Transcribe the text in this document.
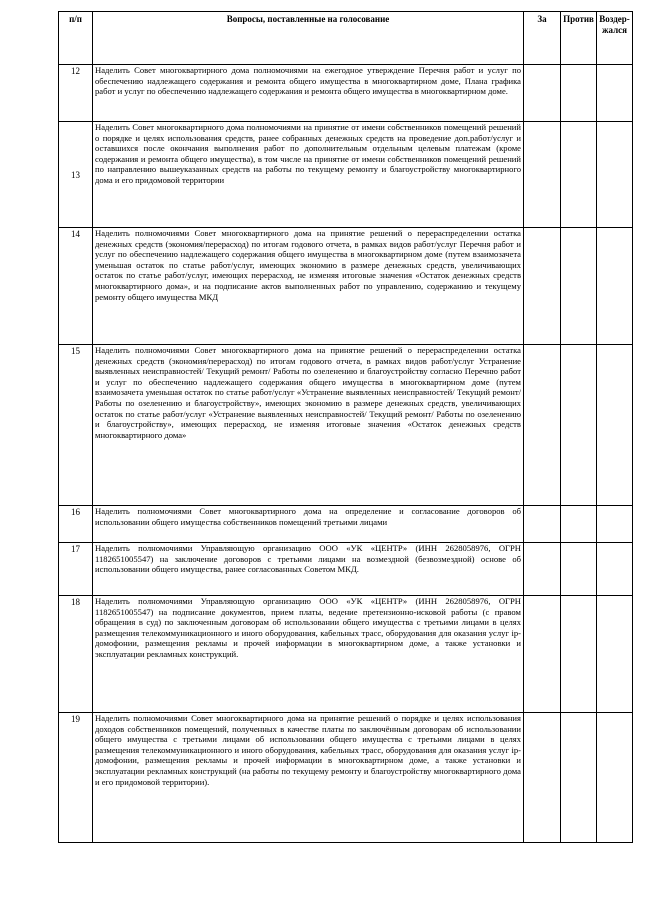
п/п	Вопросы, поставленные на голосование	За	Против	Воздер-жался

12	Наделить Совет многоквартирного дома полномочиями на ежегодное утверждение Перечня работ и услуг по обеспечению надлежащего содержания и ремонта общего имущества в многоквартирном доме, Плана графика работ и услуг по обеспечению надлежащего содержания и ремонта общего имущества в многоквартирном доме.			
13	Наделить Совет многоквартирного дома полномочиями на принятие от имени собственников помещений решений о порядке и целях использования средств, ранее собранных денежных средств на проведение доп.работ/услуг и оставшихся после окончания выполнения работ по дополнительным отдельным целевым платежам (кроме содержания и ремонта общего имущества), в том числе на принятие от имени собственников помещений решений по направлению вышеуказанных средств на работы по текущему ремонту и благоустройству многоквартирного дома и его придомовой территории			
14	Наделить полномочиями Совет многоквартирного дома на принятие решений о перераспределении остатка денежных средств (экономия/перерасход) по итогам годового отчета, в рамках видов работ/услуг Перечня работ и услуг по обеспечению надлежащего содержания общего имущества в многоквартирном доме (путем взаимозачета уменьшая остаток по статье работ/услуг, имеющих экономию в размере денежных средств, увеличивающих остаток по статье работ/услуг, имеющих перерасход, не изменяя итоговые значения «Остаток денежных средств многоквартирного дома», и на подписание актов выполненных работ по управлению, содержанию и текущему ремонту общего имущества МКД			
15	Наделить полномочиями Совет многоквартирного дома на принятие решений о перераспределении остатка денежных средств (экономия/перерасход) по итогам годового отчета, в рамках видов работ/услуг Устранение выявленных неисправностей/ Текущий ремонт/ Работы по озеленению и благоустройству согласно Перечню работ и услуг по обеспечению надлежащего содержания общего имущества в многоквартирном доме (путем взаимозачета уменьшая остаток по статье работ/услуг «Устранение выявленных неисправностей/ Текущий ремонт/ Работы по озеленению и благоустройству», имеющих экономию в размере денежных средств, увеличивающих остаток по статье работ/услуг «Устранение выявленных неисправностей/ Текущий ремонт/ Работы по озеленению и благоустройству», имеющих перерасход, не изменяя итоговые значения «Остаток денежных средств многоквартирного дома»			
16	Наделить полномочиями Совет многоквартирного дома на определение и согласование договоров об использовании общего имущества собственников помещений третьими лицами			
17	Наделить полномочиями Управляющую организацию ООО «УК «ЦЕНТР» (ИНН 2628058976, ОГРН 1182651005547) на заключение договоров с третьими лицами на возмездной (безвозмездной) основе об использовании общего имущества, ранее согласованных Советом МКД.			
18	Наделить полномочиями Управляющую организацию ООО «УК «ЦЕНТР» (ИНН 2628058976, ОГРН 1182651005547) на подписание документов, прием платы, ведение претензионно-исковой работы (с правом обращения в суд) по заключенным договорам об использовании общего имущества с третьими лицами в целях размещения телекоммуникационного и иного оборудования, кабельных трасс, оборудования для оказания услуг ip-домофонии, размещения рекламы и прочей информации в многоквартирном доме, а также установки и эксплуатации рекламных конструкций.			
19	Наделить полномочиями Совет многоквартирного дома на принятие решений о порядке и целях использования доходов собственников помещений, полученных в качестве платы по заключённым договорам об использовании общего имущества с третьими лицами об использовании общего имущества с третьими лицами в целях размещения телекоммуникационного и иного оборудования, кабельных трасс, оборудования для оказания услуг ip-домофонии, размещения рекламы и прочей информации в многоквартирном доме, а также установки и эксплуатации рекламных конструкций (на работы по текущему ремонту и благоустройству многоквартирного дома и его придомовой территории).			
